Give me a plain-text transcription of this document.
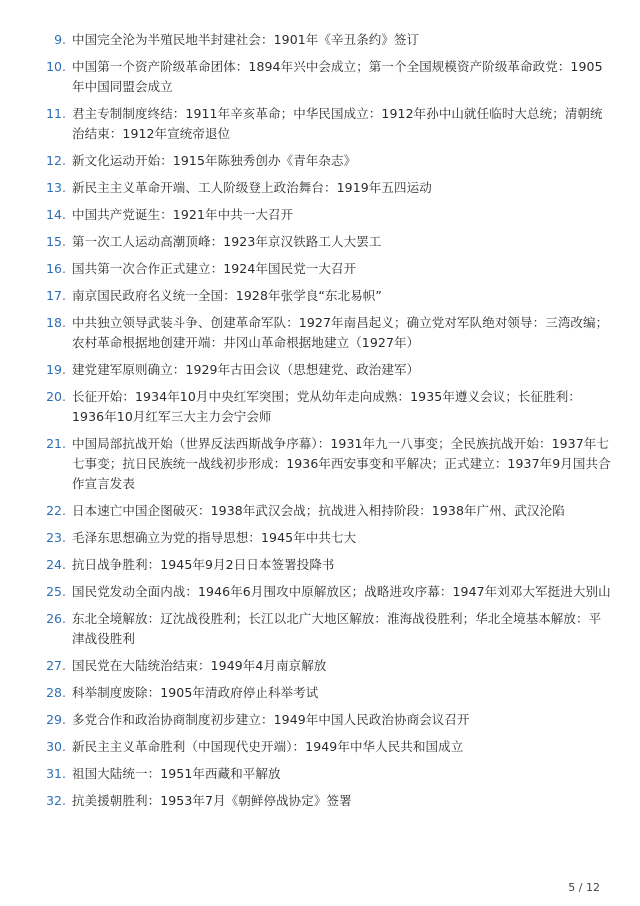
9. 中国完全沦为半殖民地半封建社会：1901年《辛丑条约》签订
10. 中国第一个资产阶级革命团体：1894年兴中会成立；第一个全国规模资产阶级革命政党：1905年中国同盟会成立
11. 君主专制制度终结：1911年辛亥革命；中华民国成立：1912年孙中山就任临时大总统；清朝统治结束：1912年宣统帝退位
12. 新文化运动开始：1915年陈独秀创办《青年杂志》
13. 新民主主义革命开端、工人阶级登上政治舞台：1919年五四运动
14. 中国共产党诞生：1921年中共一大召开
15. 第一次工人运动高潮顶峰：1923年京汉铁路工人大罢工
16. 国共第一次合作正式建立：1924年国民党一大召开
17. 南京国民政府名义统一全国：1928年张学良“东北易帜”
18. 中共独立领导武装斗争、创建革命军队：1927年南昌起义；确立党对军队绝对领导：三湾改编；农村革命根据地创建开端：井冈山革命根据地建立（1927年）
19. 建党建军原则确立：1929年古田会议（思想建党、政治建军）
20. 长征开始：1934年10月中央红军突围；党从幼年走向成熟：1935年遵义会议；长征胜利：1936年10月红军三大主力会宁会师
21. 中国局部抗战开始（世界反法西斯战争序幕）：1931年九一八事变；全民族抗战开始：1937年七七事变；抗日民族统一战线初步形成：1936年西安事变和平解决；正式建立：1937年9月国共合作宣言发表
22. 日本速亡中国企图破灭：1938年武汉会战；抗战进入相持阶段：1938年广州、武汉沦陷
23. 毛泽东思想确立为党的指导思想：1945年中共七大
24. 抗日战争胜利：1945年9月2日日本签署投降书
25. 国民党发动全面内战：1946年6月围攻中原解放区；战略进攻序幕：1947年刘邓大军挺进大别山
26. 东北全境解放：辽沈战役胜利；长江以北广大地区解放：淮海战役胜利；华北全境基本解放：平津战役胜利
27. 国民党在大陆统治结束：1949年4月南京解放
28. 科举制度废除：1905年清政府停止科举考试
29. 多党合作和政治协商制度初步建立：1949年中国人民政治协商会议召开
30. 新民主主义革命胜利（中国现代史开端）：1949年中华人民共和国成立
31. 祖国大陆统一：1951年西藏和平解放
32. 抗美援朝胜利：1953年7月《朝鲜停战协定》签署
5 / 12
